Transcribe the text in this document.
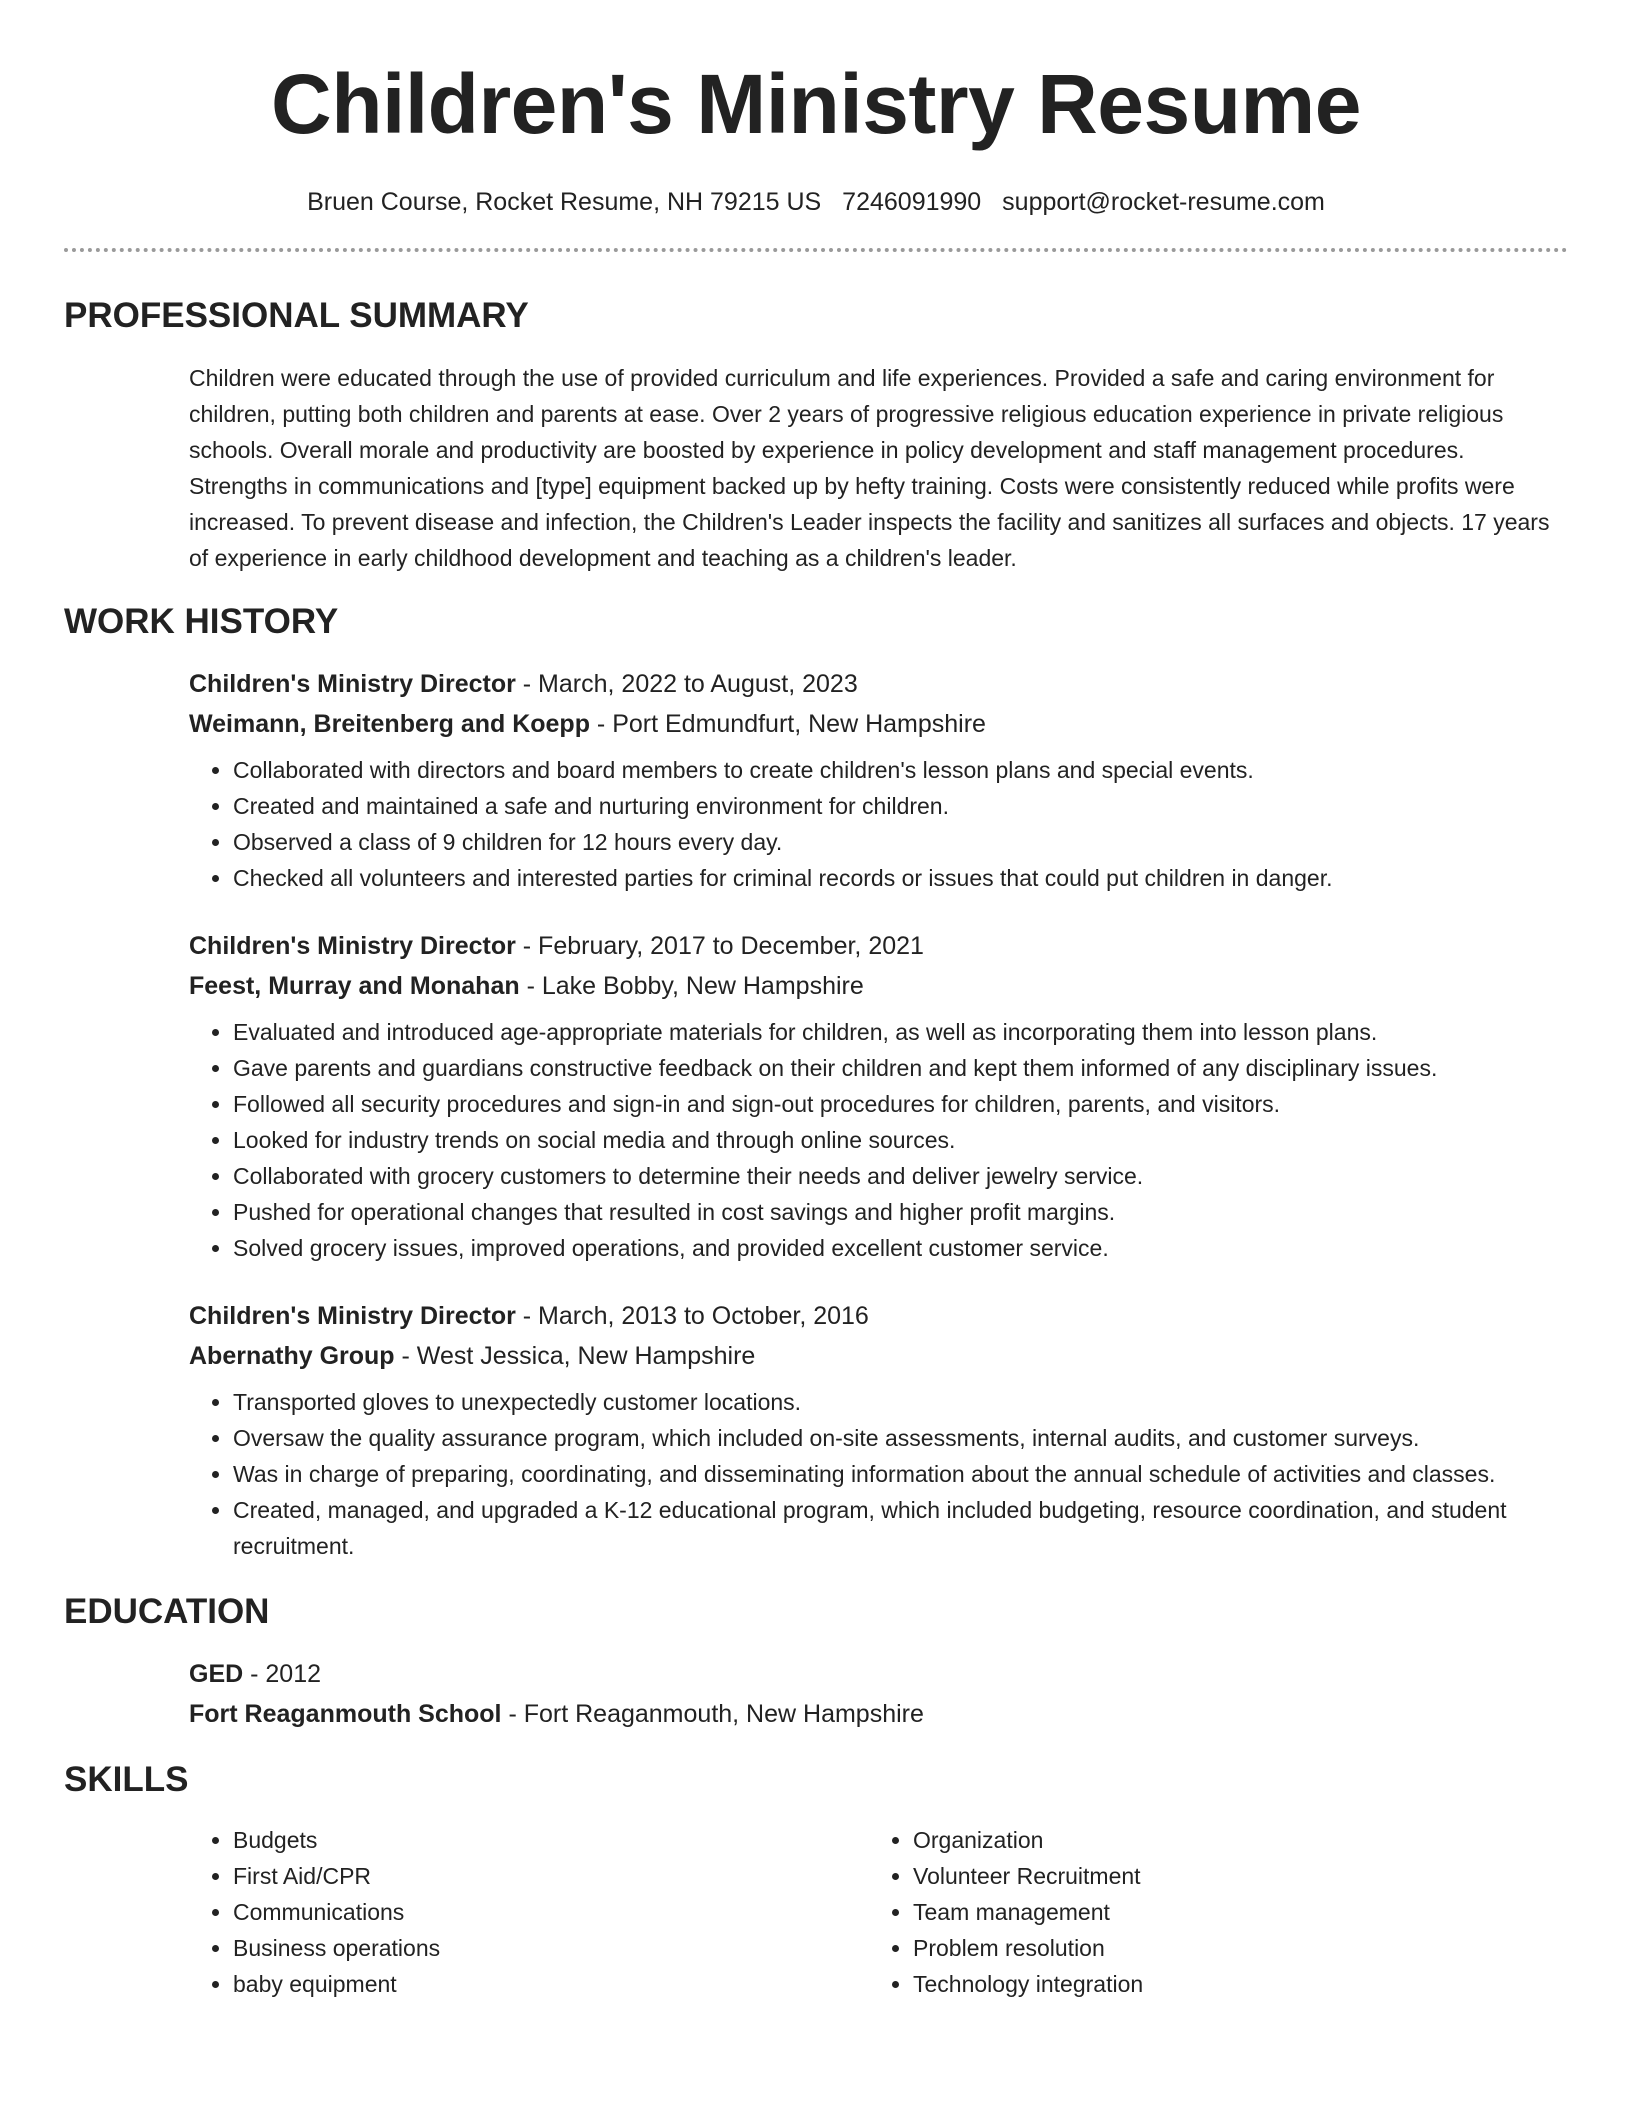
Children's Ministry Resume
Bruen Course, Rocket Resume, NH 79215 US 7246091990 support@rocket-resume.com
PROFESSIONAL SUMMARY

Children were educated through the use of provided curriculum and life experiences. Provided a safe and caring environment for children, putting both children and parents at ease. Over 2 years of progressive religious education experience in private religious schools. Overall morale and productivity are boosted by experience in policy development and staff management procedures. Strengths in communications and [type] equipment backed up by hefty training. Costs were consistently reduced while profits were increased. To prevent disease and infection, the Children's Leader inspects the facility and sanitizes all surfaces and objects. 17 years of experience in early childhood development and teaching as a children's leader.

WORK HISTORY
Children's Ministry Director - March, 2022 to August, 2023
Weimann, Breitenberg and Koepp - Port Edmundfurt, New Hampshire
• Collaborated with directors and board members to create children's lesson plans and special events.
• Created and maintained a safe and nurturing environment for children.
• Observed a class of 9 children for 12 hours every day.
• Checked all volunteers and interested parties for criminal records or issues that could put children in danger.
Children's Ministry Director - February, 2017 to December, 2021
Feest, Murray and Monahan - Lake Bobby, New Hampshire
• Evaluated and introduced age-appropriate materials for children, as well as incorporating them into lesson plans.
• Gave parents and guardians constructive feedback on their children and kept them informed of any disciplinary issues.
• Followed all security procedures and sign-in and sign-out procedures for children, parents, and visitors.
• Looked for industry trends on social media and through online sources.
• Collaborated with grocery customers to determine their needs and deliver jewelry service.
• Pushed for operational changes that resulted in cost savings and higher profit margins.
• Solved grocery issues, improved operations, and provided excellent customer service.
Children's Ministry Director - March, 2013 to October, 2016
Abernathy Group - West Jessica, New Hampshire
• Transported gloves to unexpectedly customer locations.
• Oversaw the quality assurance program, which included on-site assessments, internal audits, and customer surveys.
• Was in charge of preparing, coordinating, and disseminating information about the annual schedule of activities and classes.
• Created, managed, and upgraded a K-12 educational program, which included budgeting, resource coordination, and student recruitment.
EDUCATION
GED - 2012
Fort Reaganmouth School - Fort Reaganmouth, New Hampshire
SKILLS
• Budgets
• First Aid/CPR
• Communications
• Business operations
• baby equipment
• Organization
• Volunteer Recruitment
• Team management
• Problem resolution
• Technology integration
